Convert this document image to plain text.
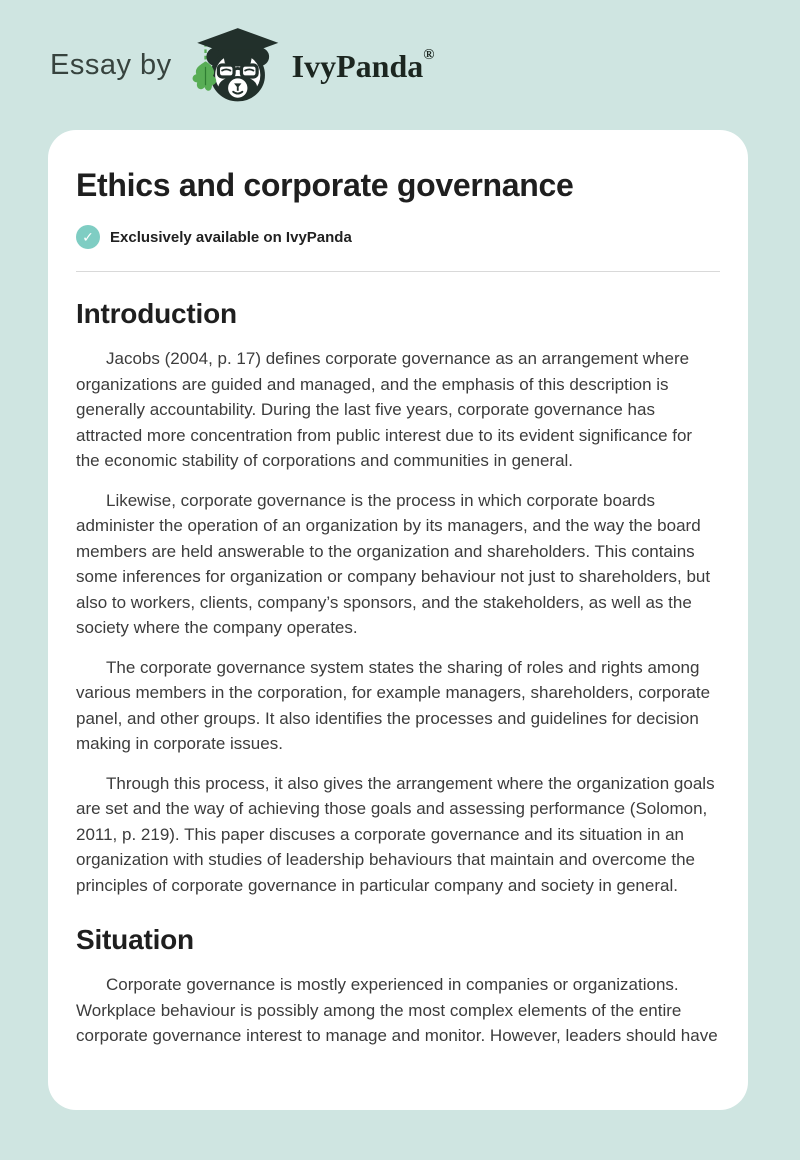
Essay by	IvyPanda®
Ethics and corporate governance
✓	Exclusively available on IvyPanda
Introduction

Jacobs (2004, p. 17) defines corporate governance as an arrangement where organizations are guided and managed, and the emphasis of this description is generally accountability. During the last five years, corporate governance has attracted more concentration from public interest due to its evident significance for the economic stability of corporations and communities in general.

Likewise, corporate governance is the process in which corporate boards administer the operation of an organization by its managers, and the way the board members are held answerable to the organization and shareholders. This contains some inferences for organization or company behaviour not just to shareholders, but also to workers, clients, company’s sponsors, and the stakeholders, as well as the society where the company operates.

The corporate governance system states the sharing of roles and rights among various members in the corporation, for example managers, shareholders, corporate panel, and other groups. It also identifies the processes and guidelines for decision making in corporate issues.

Through this process, it also gives the arrangement where the organization goals are set and the way of achieving those goals and assessing performance (Solomon, 2011, p. 219). This paper discuses a corporate governance and its situation in an organization with studies of leadership behaviours that maintain and overcome the principles of corporate governance in particular company and society in general.

Situation

Corporate governance is mostly experienced in companies or organizations. Workplace behaviour is possibly among the most complex elements of the entire corporate governance interest to manage and monitor. However, leaders should have
